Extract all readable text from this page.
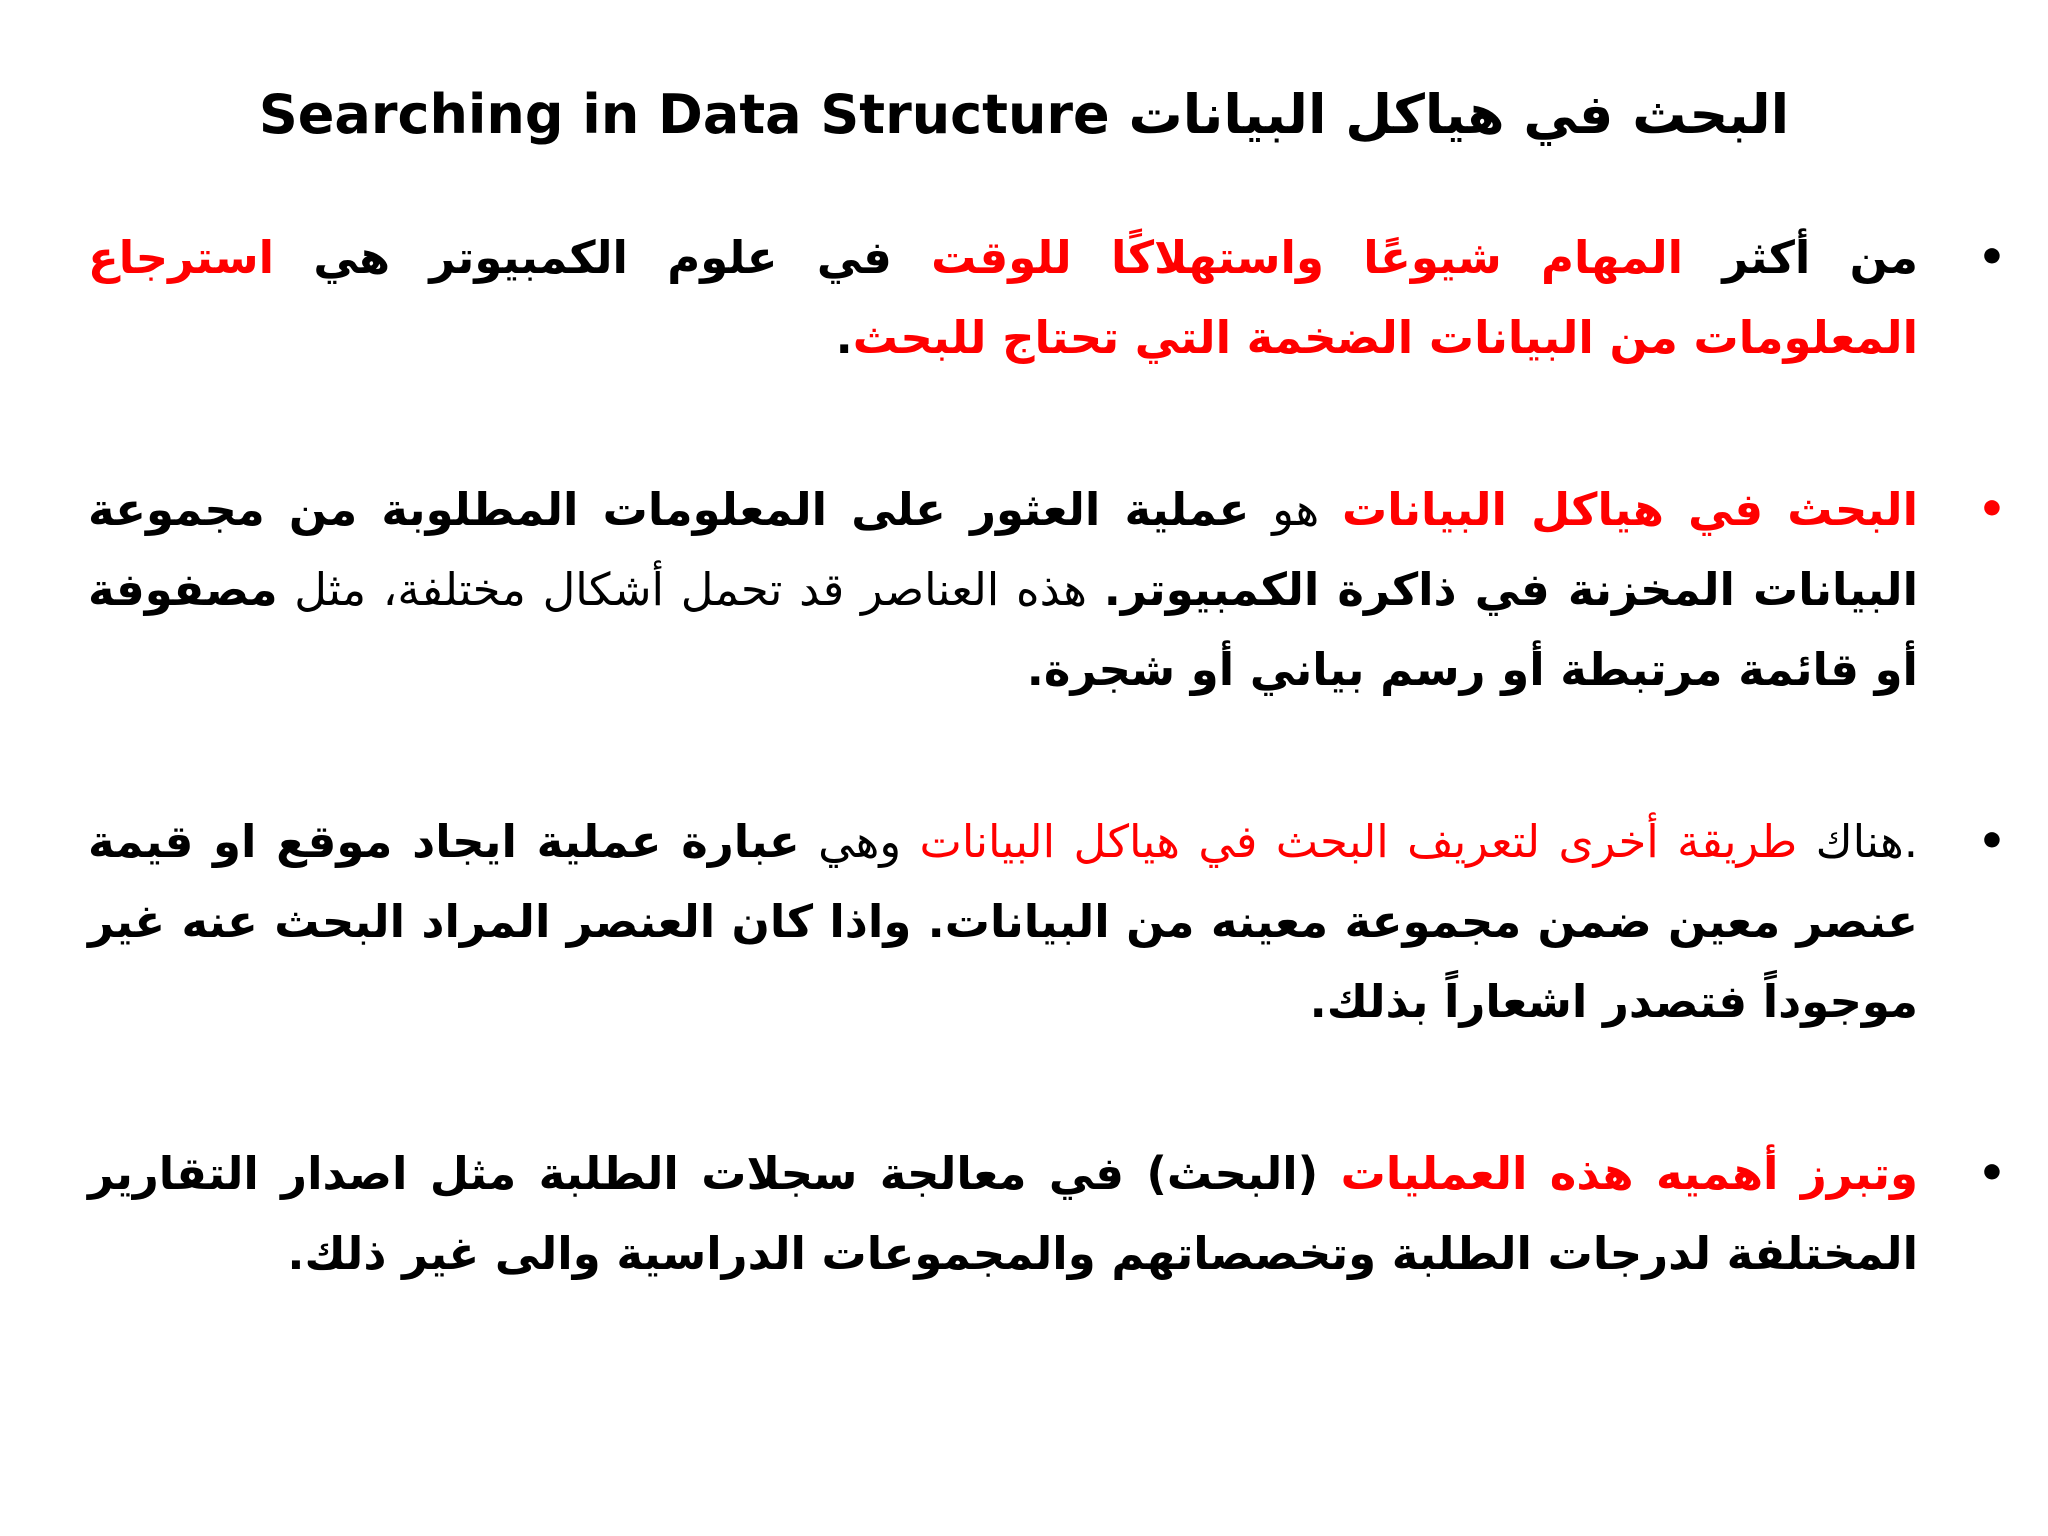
Searching in Data Structure البحث في هياكل البيانات
•
من أكثر المهام شيوعًا واستهلاكًا للوقت في علوم الكمبيوتر هي استرجاع المعلومات من البيانات الضخمة التي تحتاج للبحث.
•
البحث في هياكل البيانات هو عملية العثور على المعلومات المطلوبة من مجموعة البيانات المخزنة في ذاكرة الكمبيوتر. هذه العناصر قد تحمل أشكال مختلفة، مثل مصفوفة أو قائمة مرتبطة أو رسم بياني أو شجرة.
•
.هناك طريقة أخرى لتعريف البحث في هياكل البيانات وهي عبارة عملية ايجاد موقع او قيمة عنصر معين ضمن مجموعة معينه من البيانات. واذا كان العنصر المراد البحث عنه غير موجوداً فتصدر اشعاراً بذلك.
•
وتبرز أهميه هذه العمليات (البحث) في معالجة سجلات الطلبة مثل اصدار التقارير المختلفة لدرجات الطلبة وتخصصاتهم والمجموعات الدراسية والى غير ذلك.
